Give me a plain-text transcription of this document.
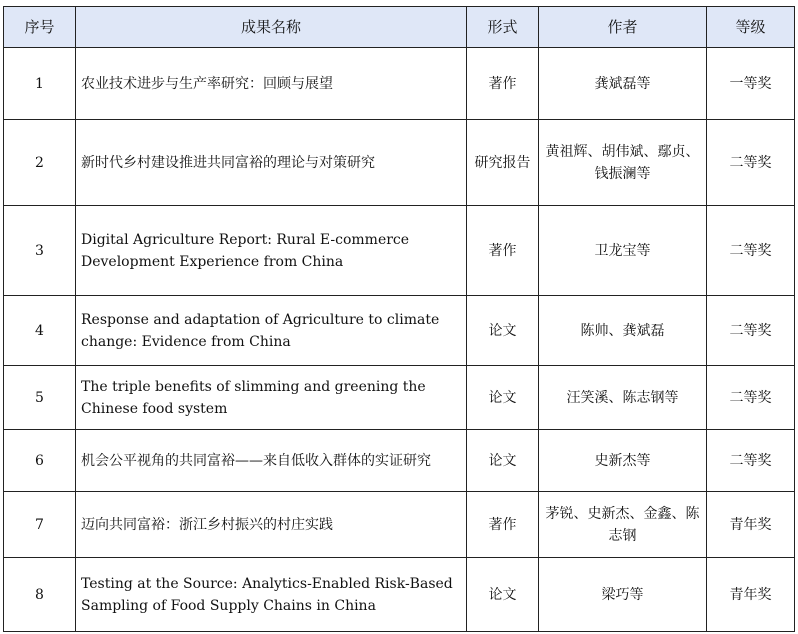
序号	成果名称	形式	作者	等级
1	农业技术进步与生产率研究：回顾与展望	著作	龚斌磊等	一等奖
2	新时代乡村建设推进共同富裕的理论与对策研究	研究报告	黄祖辉、胡伟斌、鄢贞、钱振澜等	二等奖
3	Digital Agriculture Report: Rural E-commerce Development Experience from China	著作	卫龙宝等	二等奖
4	Response and adaptation of Agriculture to climate change: Evidence from China	论文	陈帅、龚斌磊	二等奖
5	The triple benefits of slimming and greening the Chinese food system	论文	汪笑溪、陈志钢等	二等奖
6	机会公平视角的共同富裕——来自低收入群体的实证研究	论文	史新杰等	二等奖
7	迈向共同富裕：浙江乡村振兴的村庄实践	著作	茅锐、史新杰、金鑫、陈志钢	青年奖
8	Testing at the Source: Analytics-Enabled Risk-Based Sampling of Food Supply Chains in China	论文	梁巧等	青年奖
